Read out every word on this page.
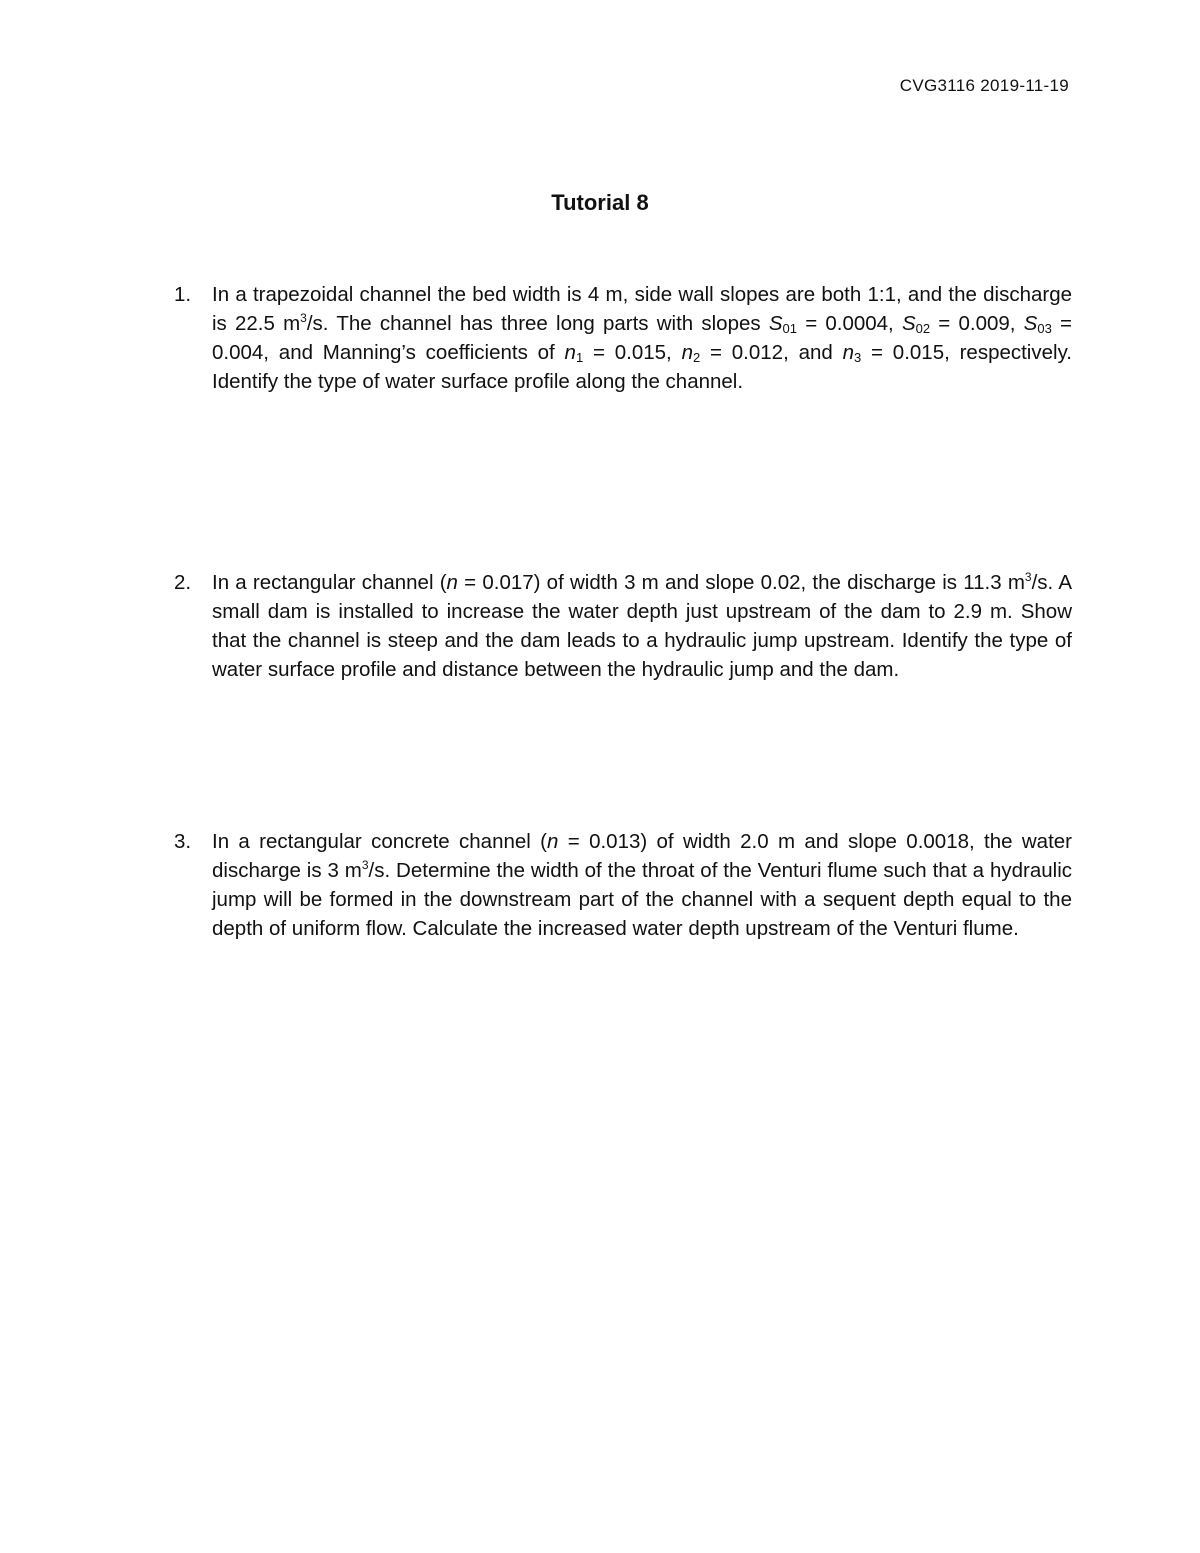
CVG3116 2019-11-19
Tutorial 8
1. In a trapezoidal channel the bed width is 4 m, side wall slopes are both 1:1, and the discharge is 22.5 $m^3/s$. The channel has three long parts with slopes $S_{01} = 0.0004$, $S_{02} = 0.009$, $S_{03} = 0.004$, and Manning’s coefficients of $n_1 = 0.015$, $n_2 = 0.012$, and $n_3 = 0.015$, respectively. Identify the type of water surface profile along the channel.
2. In a rectangular channel (n = 0.017) of width 3 m and slope 0.02, the discharge is 11.3 $m^3/s$. A small dam is installed to increase the water depth just upstream of the dam to 2.9 m. Show that the channel is steep and the dam leads to a hydraulic jump upstream. Identify the type of water surface profile and distance between the hydraulic jump and the dam.
3. In a rectangular concrete channel (n = 0.013) of width 2.0 m and slope 0.0018, the water discharge is 3 $m^3/s$. Determine the width of the throat of the Venturi flume such that a hydraulic jump will be formed in the downstream part of the channel with a sequent depth equal to the depth of uniform flow. Calculate the increased water depth upstream of the Venturi flume.
